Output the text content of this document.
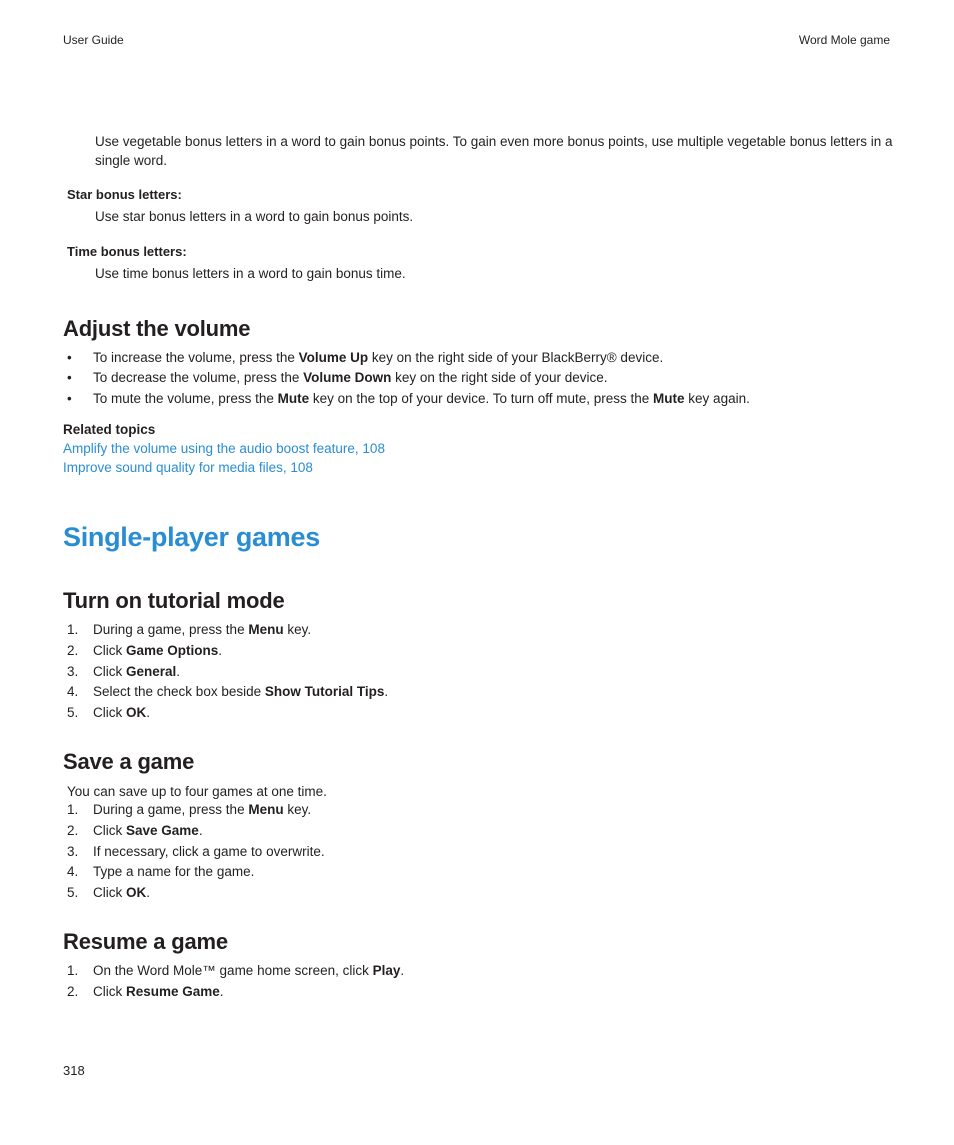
User Guide	Word Mole game
Use vegetable bonus letters in a word to gain bonus points. To gain even more bonus points, use multiple vegetable bonus letters in a
single word.
Star bonus letters:
Use star bonus letters in a word to gain bonus points.
Time bonus letters:
Use time bonus letters in a word to gain bonus time.
Adjust the volume
• To increase the volume, press the Volume Up key on the right side of your BlackBerry® device.
• To decrease the volume, press the Volume Down key on the right side of your device.
• To mute the volume, press the Mute key on the top of your device. To turn off mute, press the Mute key again.
Related topics
Amplify the volume using the audio boost feature, 108
Improve sound quality for media files, 108
Single-player games
Turn on tutorial mode
1. During a game, press the Menu key.
2. Click Game Options.
3. Click General.
4. Select the check box beside Show Tutorial Tips.
5. Click OK.
Save a game
You can save up to four games at one time.
1. During a game, press the Menu key.
2. Click Save Game.
3. If necessary, click a game to overwrite.
4. Type a name for the game.
5. Click OK.
Resume a game
1. On the Word Mole™ game home screen, click Play.
2. Click Resume Game.
318
